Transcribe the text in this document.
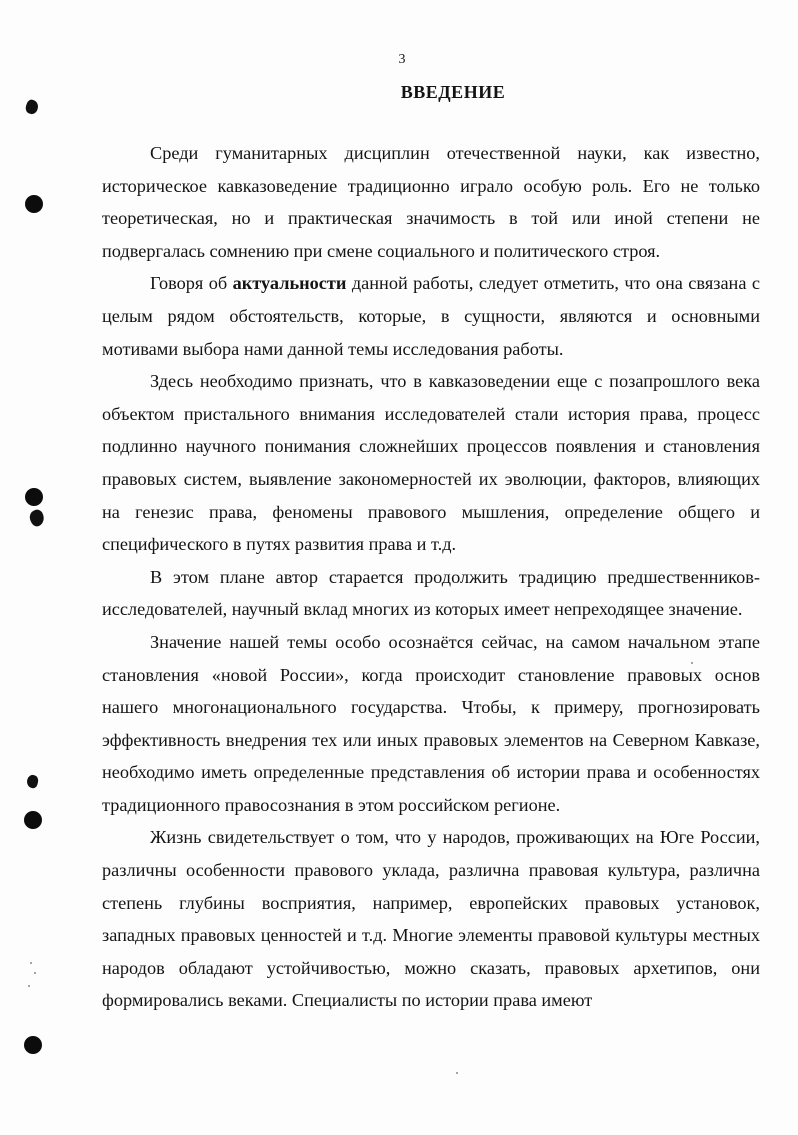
3
ВВЕДЕНИЕ

Среди гуманитарных дисциплин отечественной науки, как известно, историческое кавказоведение традиционно играло особую роль. Его не только теоретическая, но и практическая значимость в той или иной степени не подвергалась сомнению при смене социального и политического строя.

Говоря об актуальности данной работы, следует отметить, что она связана с целым рядом обстоятельств, которые, в сущности, являются и основными мотивами выбора нами данной темы исследования работы.

Здесь необходимо признать, что в кавказоведении еще с позапрошлого века объектом пристального внимания исследователей стали история права, процесс подлинно научного понимания сложнейших процессов появления и становления правовых систем, выявление закономерностей их эволюции, факторов, влияющих на генезис права, феномены правового мышления, определение общего и специфического в путях развития права и т.д.

В этом плане автор старается продолжить традицию предшественников-исследователей, научный вклад многих из которых имеет непреходящее значение.

Значение нашей темы особо осознаётся сейчас, на самом начальном этапе становления «новой России», когда происходит становление правовых основ нашего многонационального государства. Чтобы, к примеру, прогнозировать эффективность внедрения тех или иных правовых элементов на Северном Кавказе, необходимо иметь определенные представления об истории права и особенностях традиционного правосознания в этом российском регионе.

Жизнь свидетельствует о том, что у народов, проживающих на Юге России, различны особенности правового уклада, различна правовая культура, различна степень глубины восприятия, например, европейских правовых установок, западных правовых ценностей и т.д. Многие элементы правовой культуры местных народов обладают устойчивостью, можно сказать, правовых архетипов, они формировались веками. Специалисты по истории права имеют
